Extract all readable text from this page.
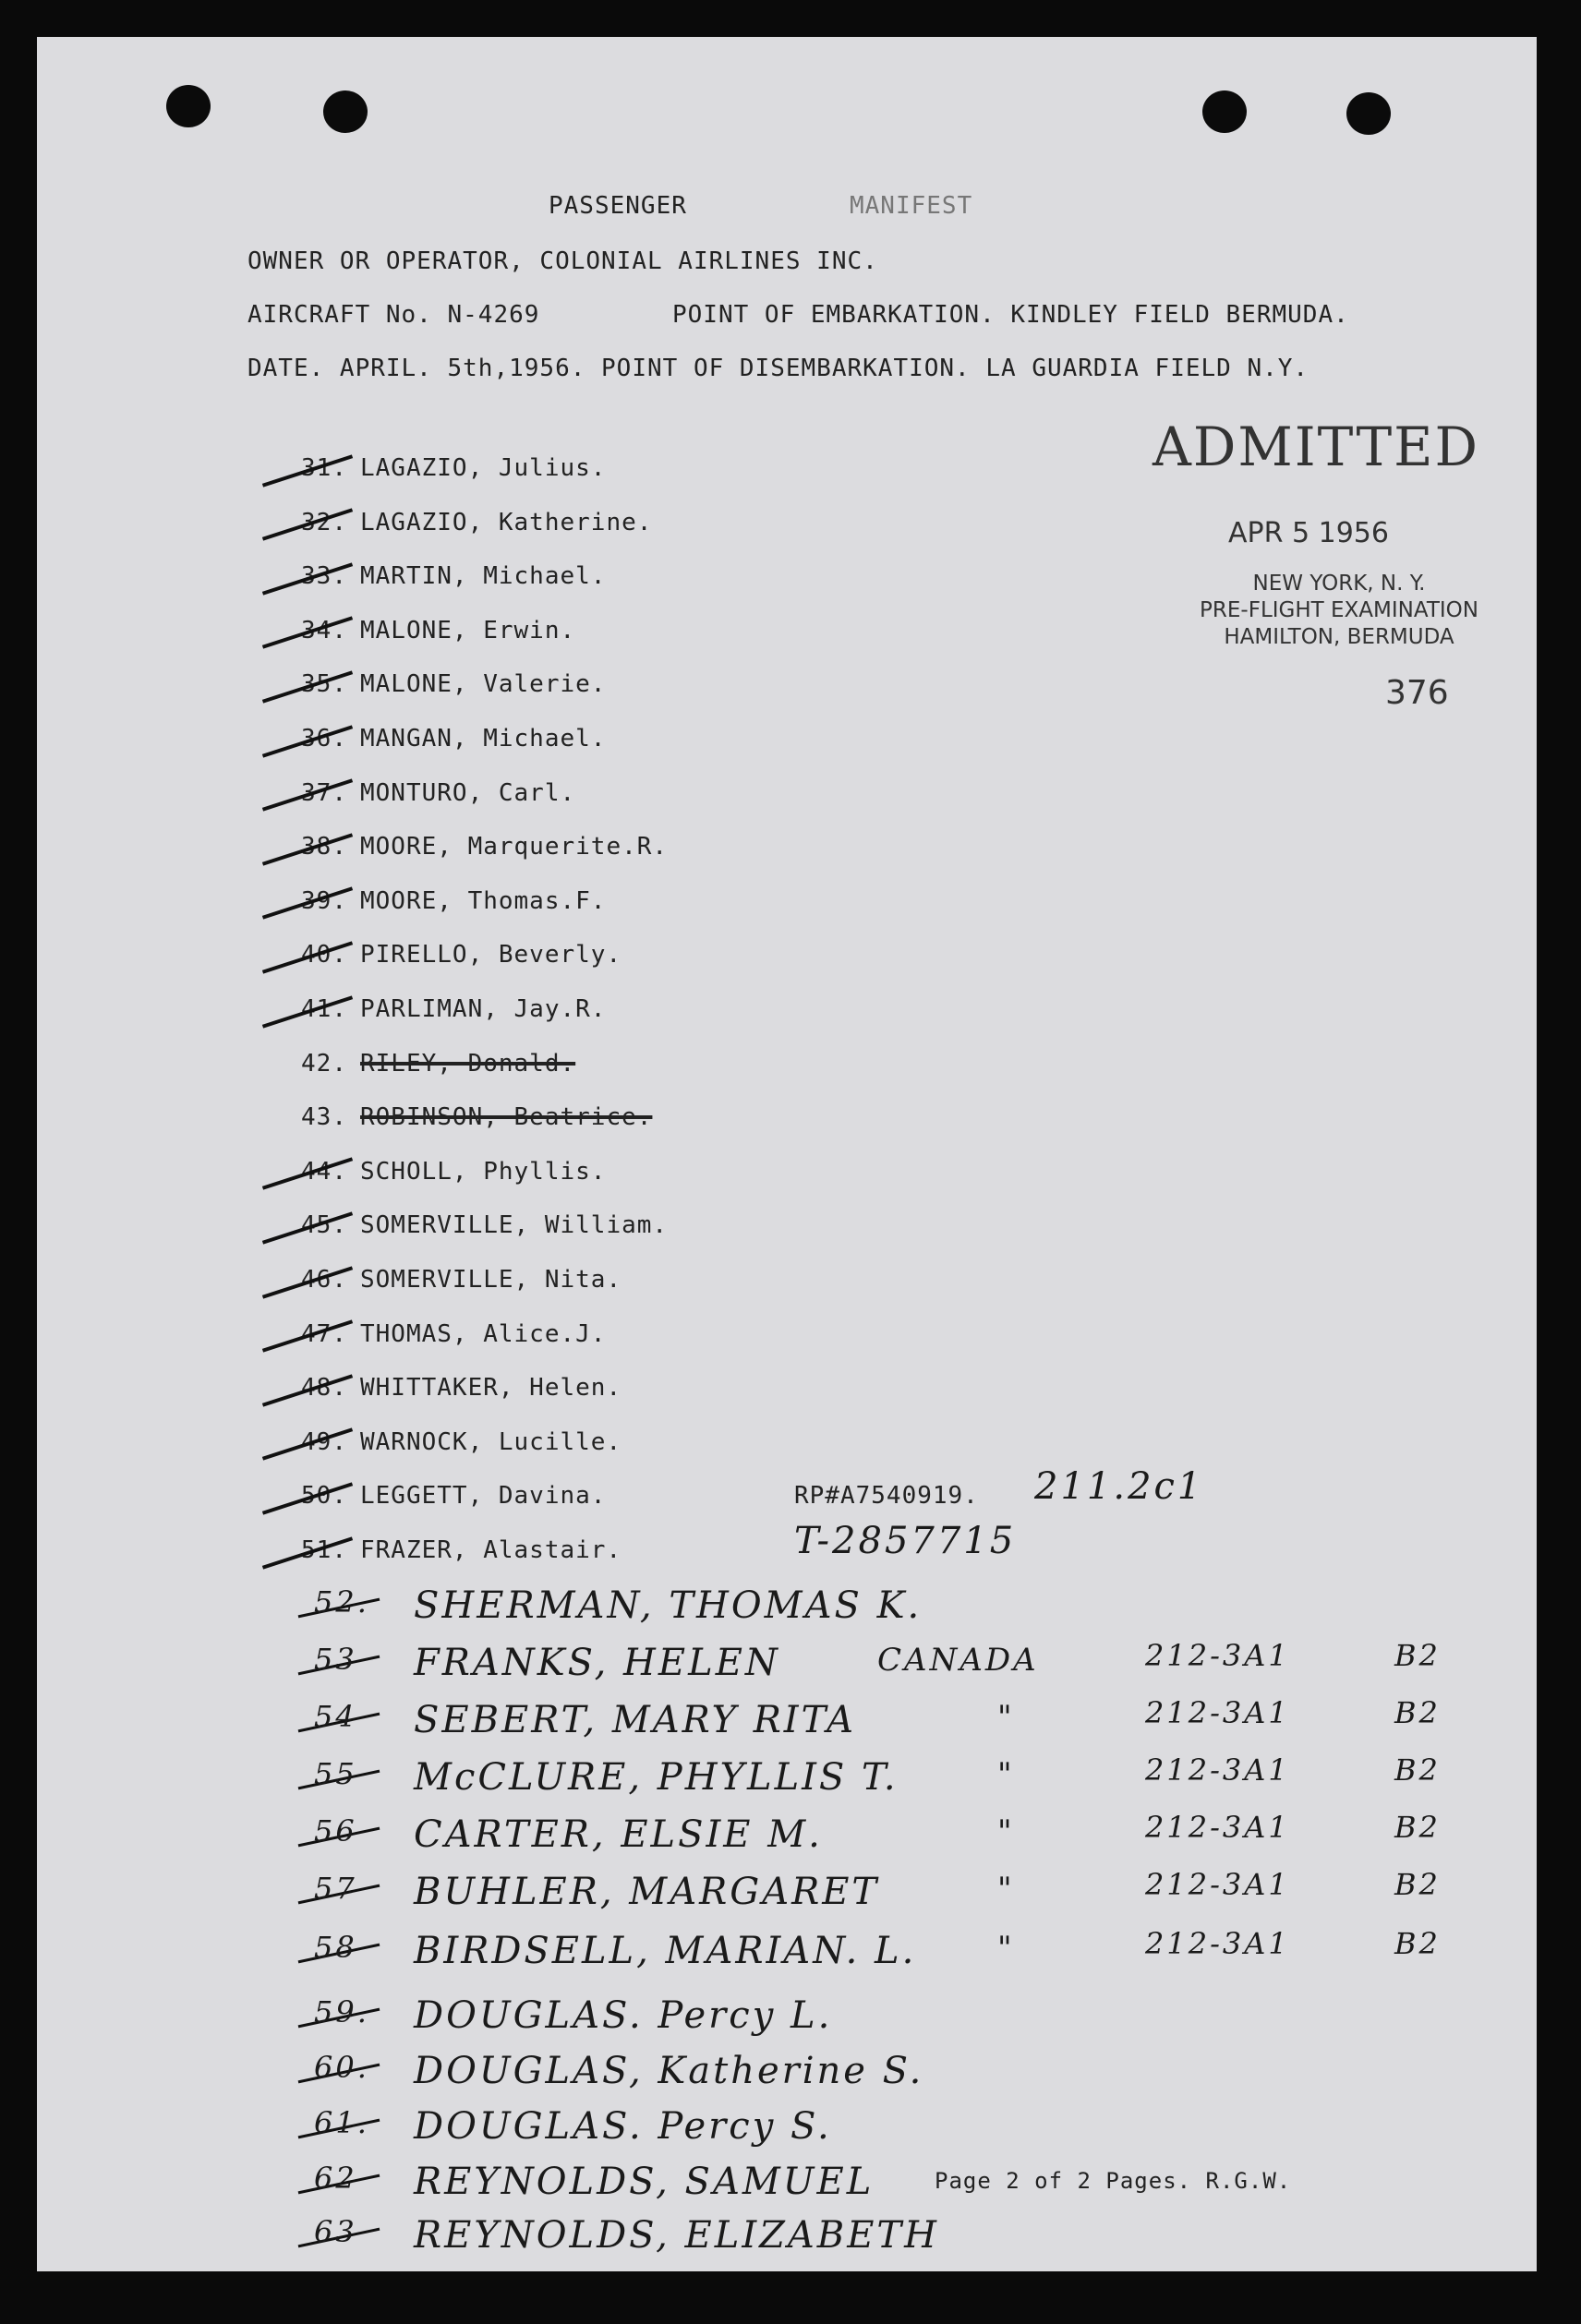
PASSENGER	MANIFEST
OWNER OR OPERATOR, COLONIAL AIRLINES INC.
AIRCRAFT No. N-4269	POINT OF EMBARKATION. KINDLEY FIELD BERMUDA.
DATE. APRIL. 5th,1956. POINT OF DISEMBARKATION. LA GUARDIA FIELD N.Y.
ADMITTED
APR 5 1956
NEW YORK, N. Y.
PRE-FLIGHT EXAMINATION
HAMILTON, BERMUDA
376
31. LAGAZIO, Julius.
32. LAGAZIO, Katherine.
33. MARTIN, Michael.
34. MALONE, Erwin.
35. MALONE, Valerie.
36. MANGAN, Michael.
37. MONTURO, Carl.
38. MOORE, Marquerite.R.
39. MOORE, Thomas.F.
40. PIRELLO, Beverly.
41. PARLIMAN, Jay.R.
42. RILEY, Donald.
43. ROBINSON, Beatrice.
44. SCHOLL, Phyllis.
45. SOMERVILLE, William.
46. SOMERVILLE, Nita.
47. THOMAS, Alice.J.
48. WHITTAKER, Helen.
49. WARNOCK, Lucille.
50. LEGGETT, Davina.	RP#A7540919. 211.2c1
51. FRAZER, Alastair.	T-2857715
52. SHERMAN, THOMAS K.
53 FRANKS, HELEN	CANADA	212-3A1	B2
54 SEBERT, MARY RITA	"	212-3A1	B2
55 McCLURE, PHYLLIS T.	"	212-3A1	B2
56 CARTER, ELSIE M.	"	212-3A1	B2
57 BUHLER, MARGARET	"	212-3A1	B2
58 BIRDSELL, MARIAN. L.	"	212-3A1	B2
59. DOUGLAS. Percy L.
60. DOUGLAS, Katherine S.
61. DOUGLAS. Percy S.
62 REYNOLDS, SAMUEL
63 REYNOLDS, ELIZABETH
Page 2 of 2 Pages. R.G.W.
